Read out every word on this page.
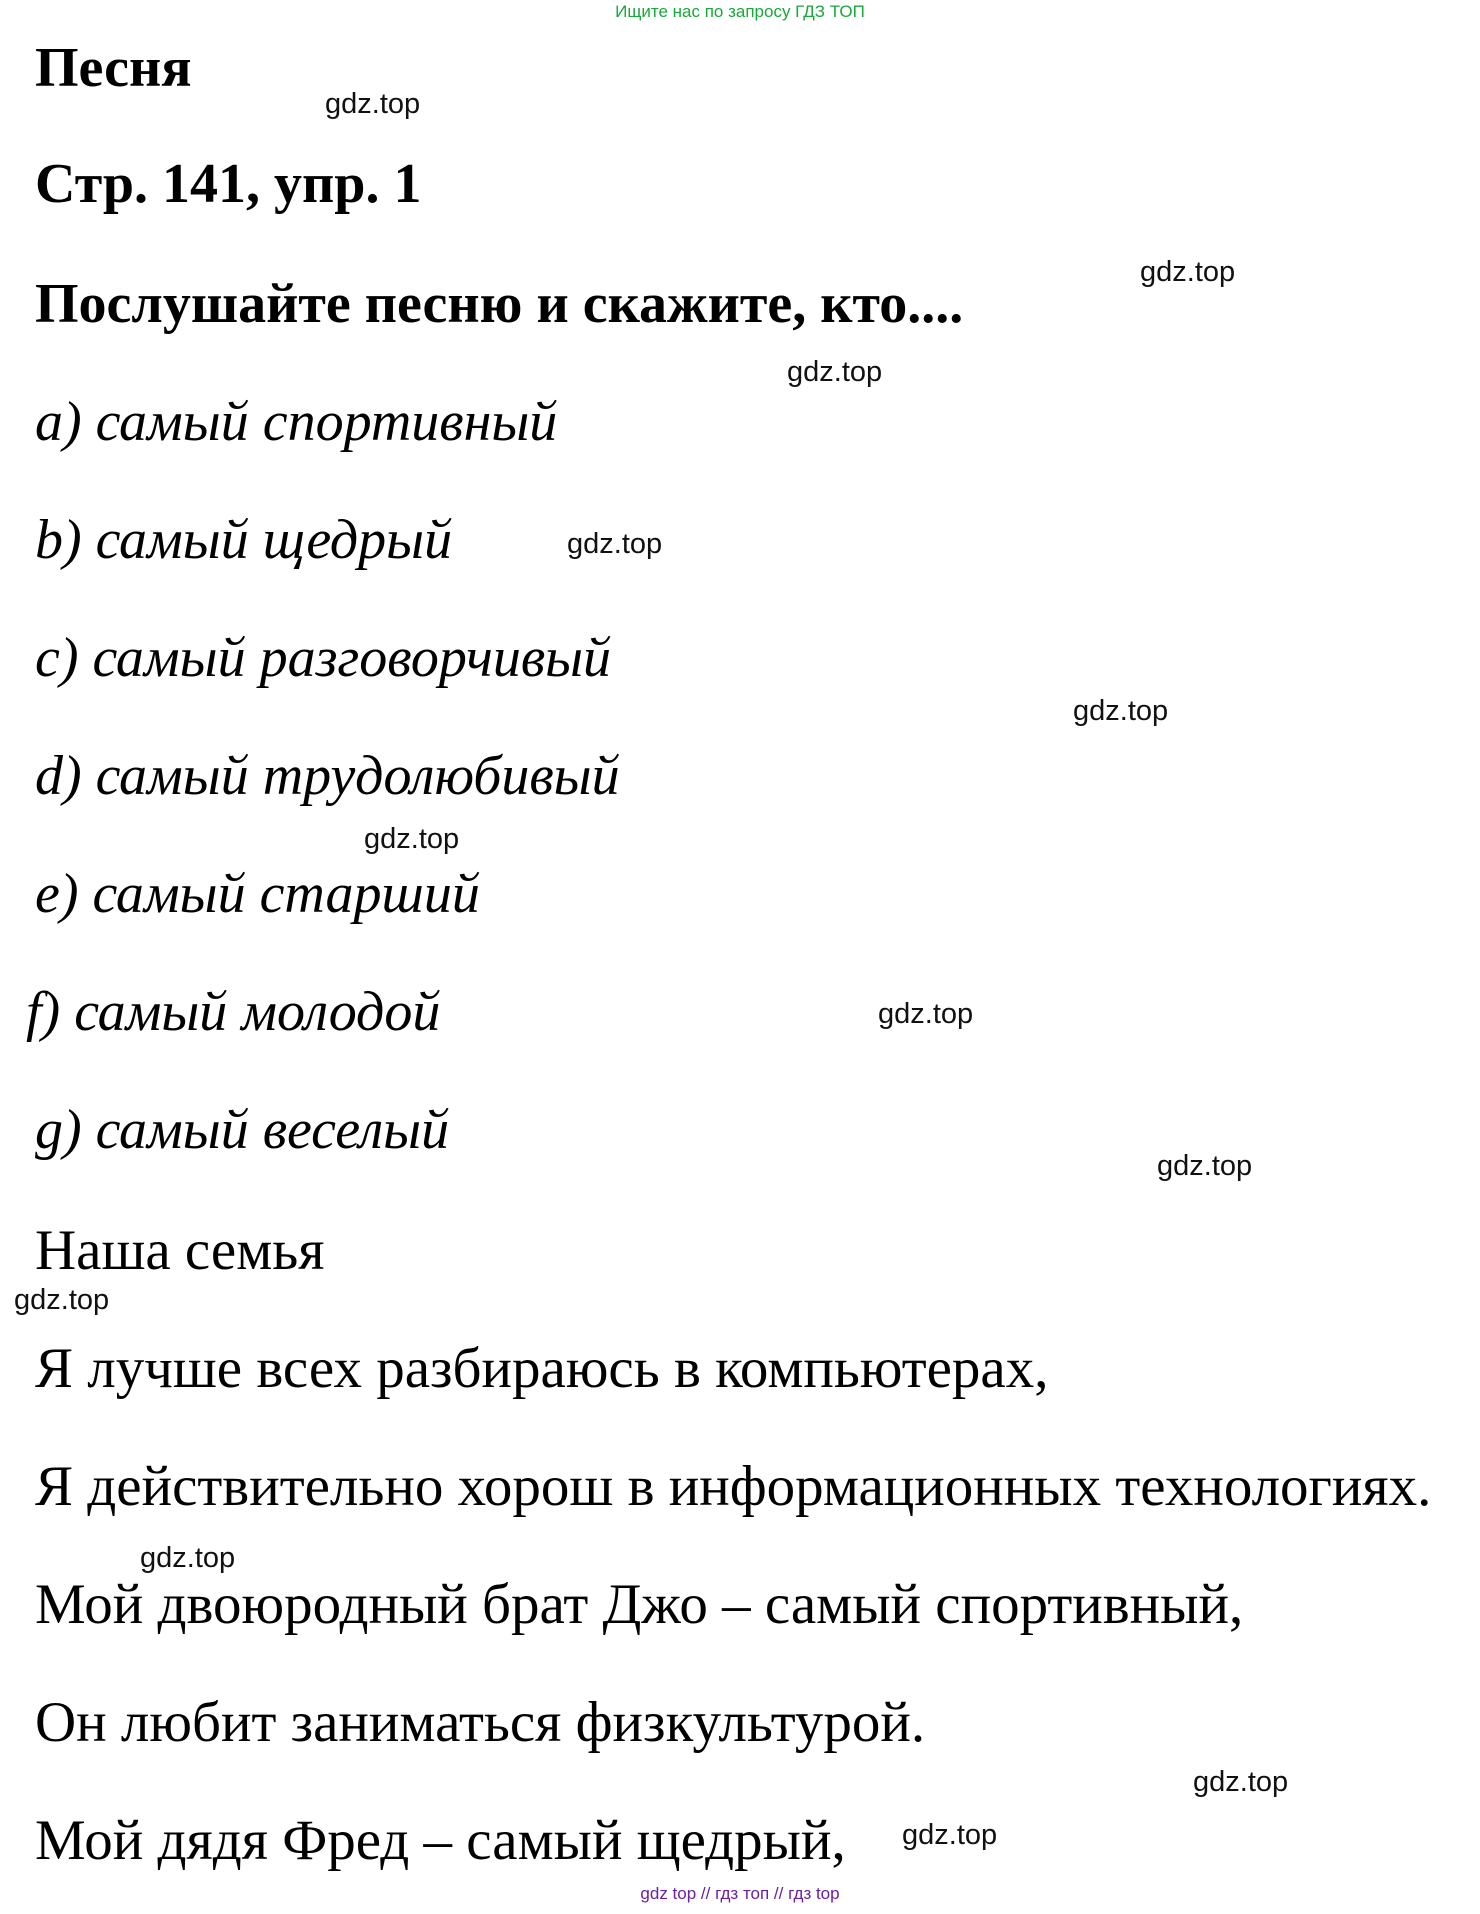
Ищите нас по запросу ГДЗ ТОП
Песня
Стр. 141, упр. 1
Послушайте песню и скажите, кто....
a) самый спортивный
b) самый щедрый
c) самый разговорчивый
d) самый трудолюбивый
e) самый старший
f) самый молодой
g) самый веселый
Наша семья
Я лучше всех разбираюсь в компьютерах,
Я действительно хорош в информационных технологиях.
Мой двоюродный брат Джо – самый спортивный,
Он любит заниматься физкультурой.
Мой дядя Фред – самый щедрый,
gdz.top
gdz.top
gdz.top
gdz.top
gdz.top
gdz.top
gdz.top
gdz.top
gdz.top
gdz.top
gdz.top
gdz.top
gdz top // гдз топ // гдз top
